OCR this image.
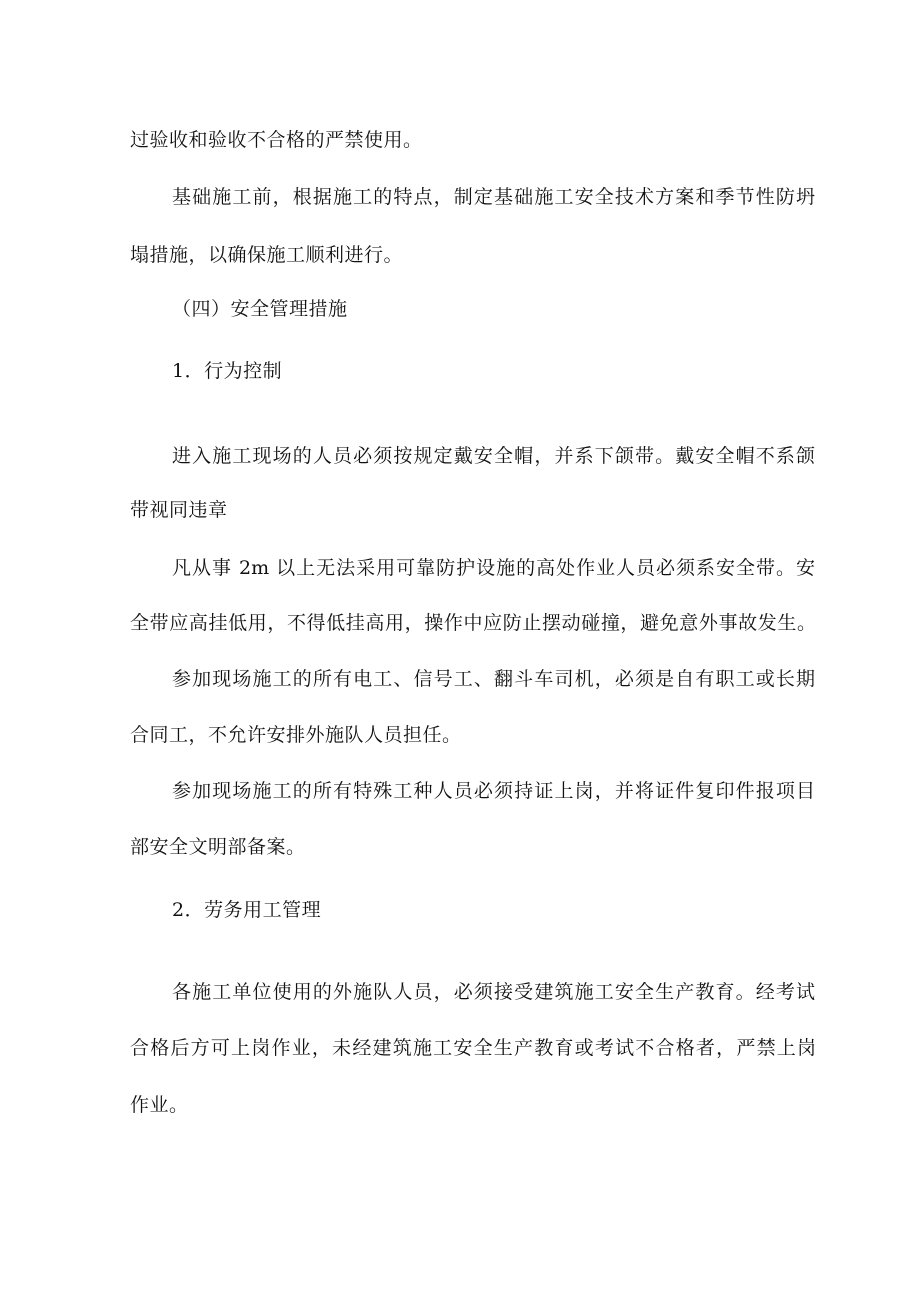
过验收和验收不合格的严禁使用。
基础施工前，根据施工的特点，制定基础施工安全技术方案和季节性防坍
塌措施，以确保施工顺利进行。
（四）安全管理措施
1．行为控制
进入施工现场的人员必须按规定戴安全帽，并系下颌带。戴安全帽不系颌
带视同违章
凡从事 2m 以上无法采用可靠防护设施的高处作业人员必须系安全带。安
全带应高挂低用，不得低挂高用，操作中应防止摆动碰撞，避免意外事故发生。
参加现场施工的所有电工、信号工、翻斗车司机，必须是自有职工或长期
合同工，不允许安排外施队人员担任。
参加现场施工的所有特殊工种人员必须持证上岗，并将证件复印件报项目
部安全文明部备案。
2．劳务用工管理
各施工单位使用的外施队人员，必须接受建筑施工安全生产教育。经考试
合格后方可上岗作业，未经建筑施工安全生产教育或考试不合格者，严禁上岗
作业。
